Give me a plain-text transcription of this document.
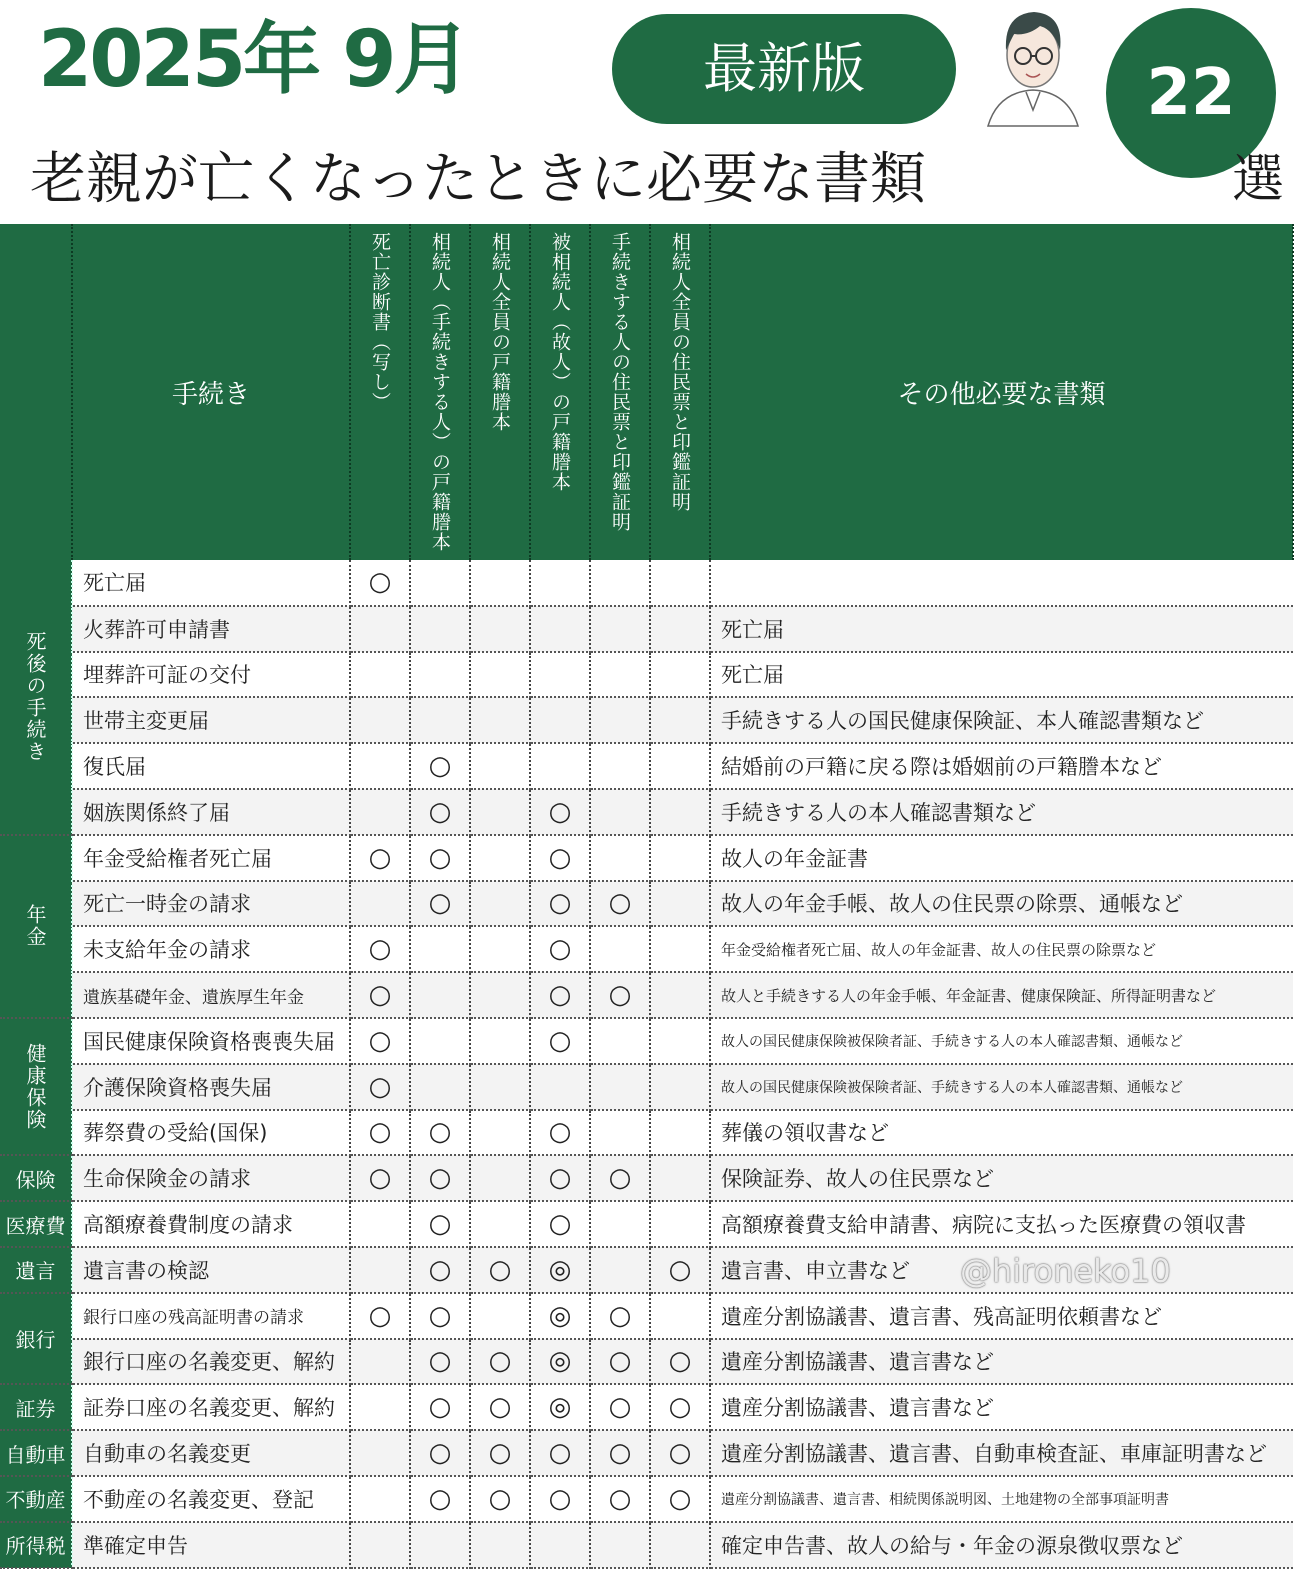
2025年 9月	最新版	22
老親が亡くなったときに必要な書類	選
	手続き	死亡診断書（写し）	相続人（手続きする人）の戸籍謄本	相続人全員の戸籍謄本	被相続人（故人）の戸籍謄本	手続きする人の住民票と印鑑証明	相続人全員の住民票と印鑑証明	その他必要な書類
死後の手続き	死亡届	○						
	火葬許可申請書							死亡届
	埋葬許可証の交付							死亡届
	世帯主変更届							手続きする人の国民健康保険証、本人確認書類など
	復氏届		○					結婚前の戸籍に戻る際は婚姻前の戸籍謄本など
	姻族関係終了届		○		○			手続きする人の本人確認書類など
年金	年金受給権者死亡届	○	○		○			故人の年金証書
	死亡一時金の請求		○		○	○		故人の年金手帳、故人の住民票の除票、通帳など
	未支給年金の請求	○			○			年金受給権者死亡届、故人の年金証書、故人の住民票の除票など
	遺族基礎年金、遺族厚生年金	○			○	○		故人と手続きする人の年金手帳、年金証書、健康保険証、所得証明書など
健康保険	国民健康保険資格喪喪失届	○			○			故人の国民健康保険被保険者証、手続きする人の本人確認書類、通帳など
	介護保険資格喪失届	○						故人の国民健康保険被保険者証、手続きする人の本人確認書類、通帳など
	葬祭費の受給(国保)	○	○		○			葬儀の領収書など
保険	生命保険金の請求	○	○		○	○		保険証券、故人の住民票など
医療費	高額療養費制度の請求		○		○			高額療養費支給申請書、病院に支払った医療費の領収書
遺言	遺言書の検認		○	○	◎		○	遺言書、申立書など
銀行	銀行口座の残高証明書の請求	○	○		◎	○		遺産分割協議書、遺言書、残高証明依頼書など
	銀行口座の名義変更、解約		○	○	◎	○	○	遺産分割協議書、遺言書など
証券	証券口座の名義変更、解約		○	○	◎	○	○	遺産分割協議書、遺言書など
自動車	自動車の名義変更		○	○	○	○	○	遺産分割協議書、遺言書、自動車検査証、車庫証明書など
不動産	不動産の名義変更、登記		○	○	○	○	○	遺産分割協議書、遺言書、相続関係説明図、土地建物の全部事項証明書
所得税	準確定申告							確定申告書、故人の給与・年金の源泉徴収票など
@hironeko10
